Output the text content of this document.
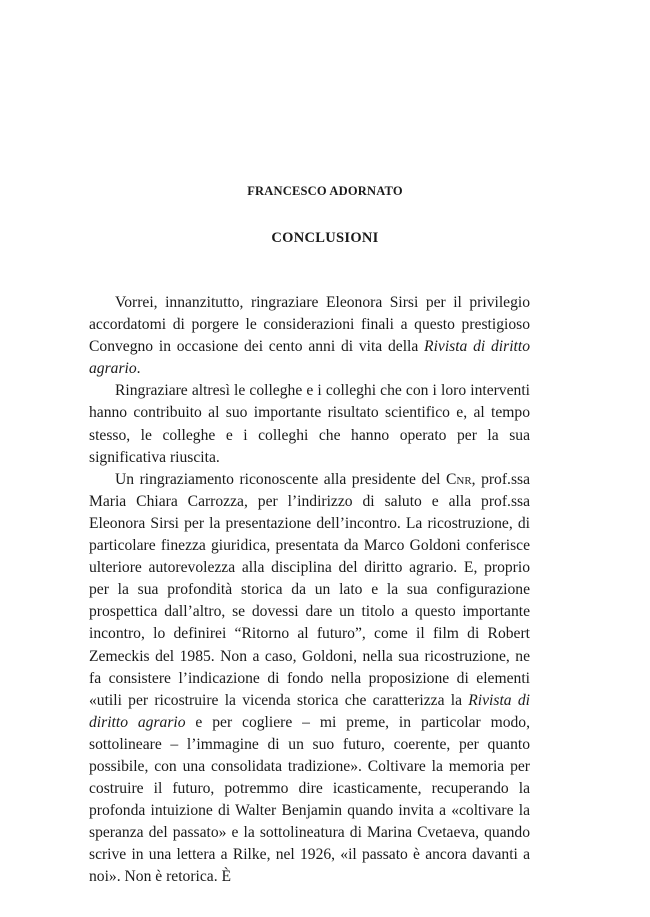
FRANCESCO ADORNATO
CONCLUSIONI

Vorrei, innanzitutto, ringraziare Eleonora Sirsi per il privilegio accordatomi di porgere le considerazioni finali a questo prestigioso Convegno in occasione dei cento anni di vita della Rivista di diritto agrario.

Ringraziare altresì le colleghe e i colleghi che con i loro interventi hanno contribuito al suo importante risultato scientifico e, al tempo stesso, le colleghe e i colleghi che hanno operato per la sua significativa riuscita.

Un ringraziamento riconoscente alla presidente del Cnr, prof.ssa Maria Chiara Carrozza, per l’indirizzo di saluto e alla prof.ssa Eleonora Sirsi per la presentazione dell’incontro. La ricostruzione, di particolare finezza giuridica, presentata da Marco Goldoni conferisce ulteriore autorevolezza alla disciplina del diritto agrario. E, proprio per la sua profondità storica da un lato e la sua configurazione prospettica dall’altro, se dovessi dare un titolo a questo importante incontro, lo definirei “Ritorno al futuro”, come il film di Robert Zemeckis del 1985. Non a caso, Goldoni, nella sua ricostruzione, ne fa consistere l’indicazione di fondo nella proposizione di elementi «utili per ricostruire la vicenda storica che caratterizza la Rivista di diritto agrario e per cogliere – mi preme, in particolar modo, sottolineare – l’immagine di un suo futuro, coerente, per quanto possibile, con una consolidata tradizione». Coltivare la memoria per costruire il futuro, potremmo dire icasticamente, recuperando la profonda intuizione di Walter Benjamin quando invita a «coltivare la speranza del passato» e la sottolineatura di Marina Cvetaeva, quando scrive in una lettera a Rilke, nel 1926, «il passato è ancora davanti a noi». Non è retorica. È
